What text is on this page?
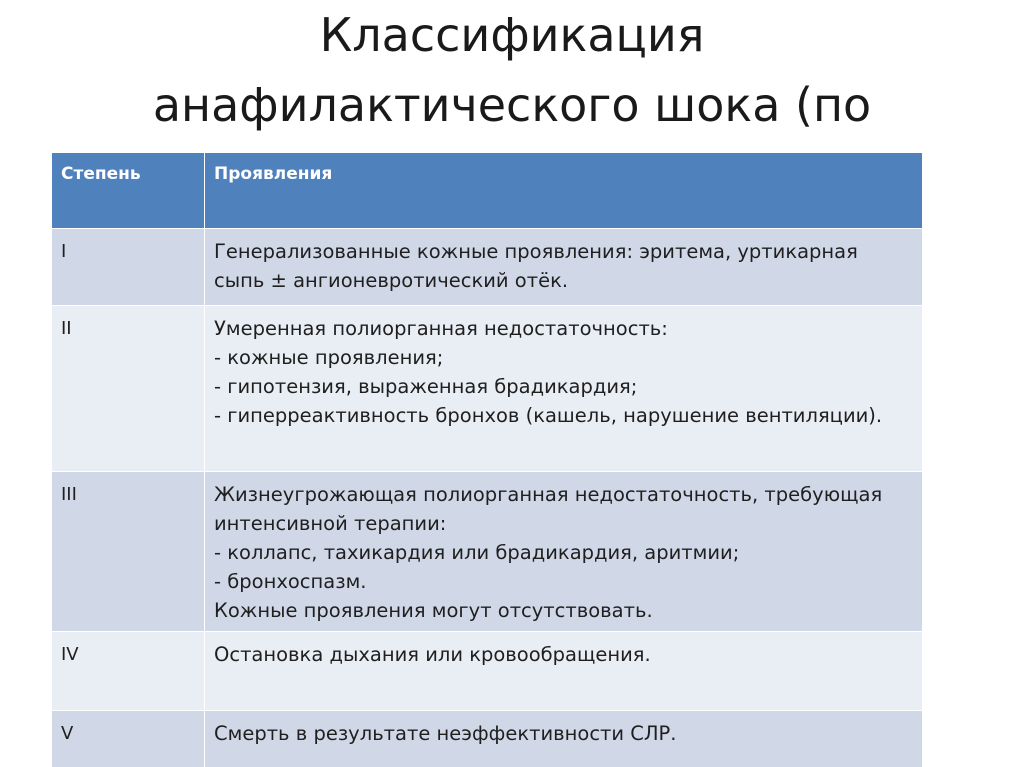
Классификация
анафилактического шока (по
Степень	Проявления
I	Генерализованные кожные проявления: эритема, уртикарная сыпь ± ангионевротический отёк.
II	Умеренная полиорганная недостаточность:
- кожные проявления;
- гипотензия, выраженная брадикардия;
- гиперреактивность бронхов (кашель, нарушение вентиляции).
III	Жизнеугрожающая полиорганная недостаточность, требующая интенсивной терапии:
- коллапс, тахикардия или брадикардия, аритмии;
- бронхоспазм.
Кожные проявления могут отсутствовать.
IV	Остановка дыхания или кровообращения.
V	Смерть в результате неэффективности СЛР.
